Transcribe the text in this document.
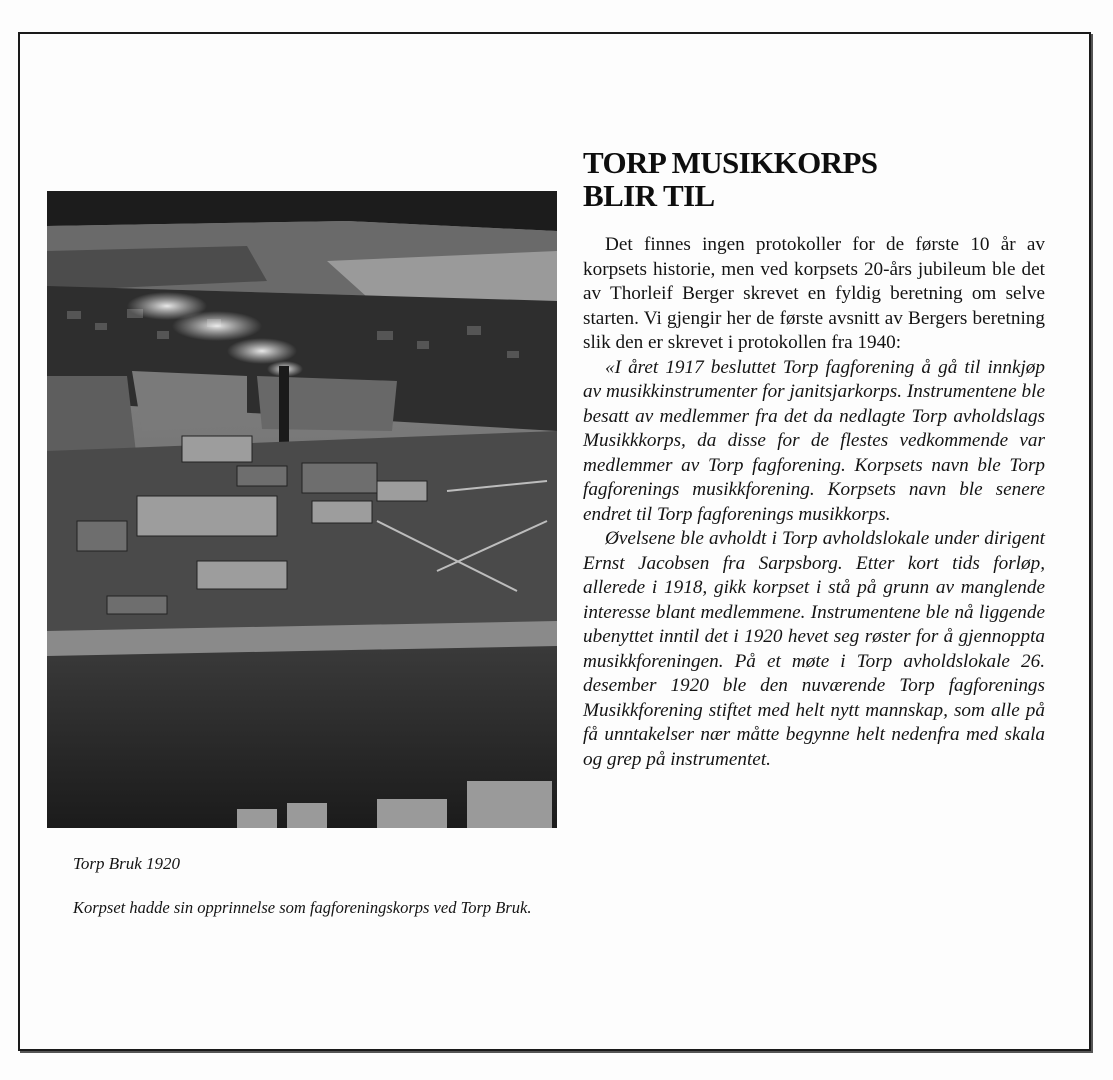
Torp Bruk 1920

Korpset hadde sin opprinnelse som fagforeningskorps ved Torp Bruk.

TORP MUSIKKORPS
BLIR TIL

Det finnes ingen protokoller for de første 10 år av korpsets historie, men ved korpsets 20-års jubileum ble det av Thorleif Berger skrevet en fyldig beretning om selve starten. Vi gjengir her de første avsnitt av Bergers beretning slik den er skrevet i protokollen fra 1940:

«I året 1917 besluttet Torp fagforening å gå til innkjøp av musikkinstrumenter for janitsjarkorps. Instrumentene ble besatt av medlemmer fra det da nedlagte Torp avholdslags Musikkkorps, da disse for de flestes vedkommende var medlemmer av Torp fagforening. Korpsets navn ble Torp fagforenings musikkforening. Korpsets navn ble senere endret til Torp fagforenings musikkorps.

Øvelsene ble avholdt i Torp avholdslokale under dirigent Ernst Jacobsen fra Sarpsborg. Etter kort tids forløp, allerede i 1918, gikk korpset i stå på grunn av manglende interesse blant medlemmene. Instrumentene ble nå liggende ubenyttet inntil det i 1920 hevet seg røster for å gjennoppta musikkforeningen. På et møte i Torp avholdslokale 26. desember 1920 ble den nuværende Torp fagforenings Musikkforening stiftet med helt nytt mannskap, som alle på få unntakelser nær måtte begynne helt nedenfra med skala og grep på instrumentet.
